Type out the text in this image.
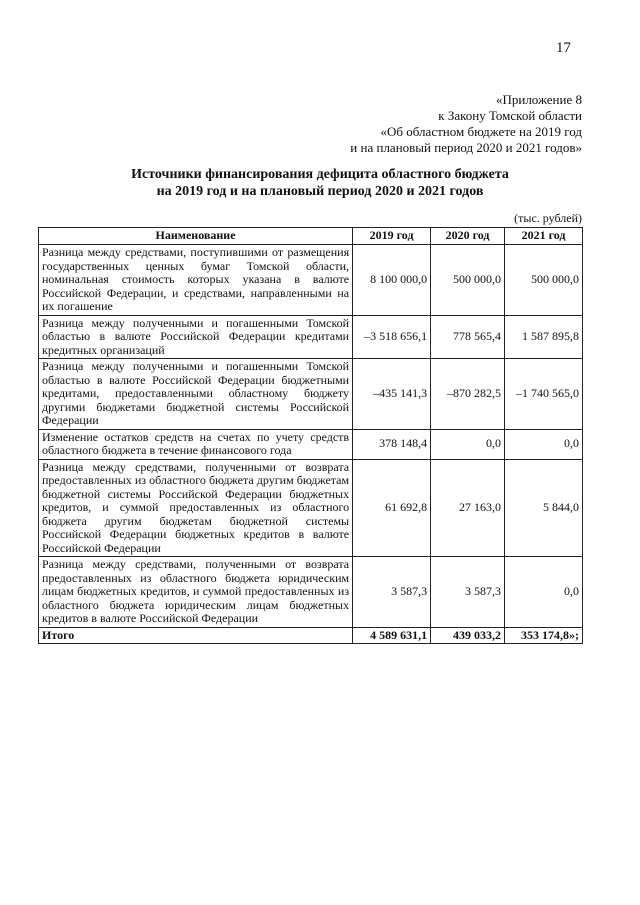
17
«Приложение 8
к Закону Томской области
«Об областном бюджете на 2019 год
и на плановый период 2020 и 2021 годов»
Источники финансирования дефицита областного бюджета
на 2019 год и на плановый период 2020 и 2021 годов
(тыс. рублей)
Наименование	2019 год	2020 год	2021 год
Разница между средствами, поступившими от размещения государственных ценных бумаг Томской области, номинальная стоимость которых указана в валюте Российской Федерации, и средствами, направленными на их погашение	8 100 000,0	500 000,0	500 000,0
Разница между полученными и погашенными Томской областью в валюте Российской Федерации кредитами кредитных организаций	–3 518 656,1	778 565,4	1 587 895,8
Разница между полученными и погашенными Томской областью в валюте Российской Федерации бюджетными кредитами, предоставленными областному бюджету другими бюджетами бюджетной системы Российской Федерации	–435 141,3	–870 282,5	–1 740 565,0
Изменение остатков средств на счетах по учету средств областного бюджета в течение финансового года	378 148,4	0,0	0,0
Разница между средствами, полученными от возврата предоставленных из областного бюджета другим бюджетам бюджетной системы Российской Федерации бюджетных кредитов, и суммой предоставленных из областного бюджета другим бюджетам бюджетной системы Российской Федерации бюджетных кредитов в валюте Российской Федерации	61 692,8	27 163,0	5 844,0
Разница между средствами, полученными от возврата предоставленных из областного бюджета юридическим лицам бюджетных кредитов, и суммой предоставленных из областного бюджета юридическим лицам бюджетных кредитов в валюте Российской Федерации	3 587,3	3 587,3	0,0
Итого	4 589 631,1	439 033,2	353 174,8»;
